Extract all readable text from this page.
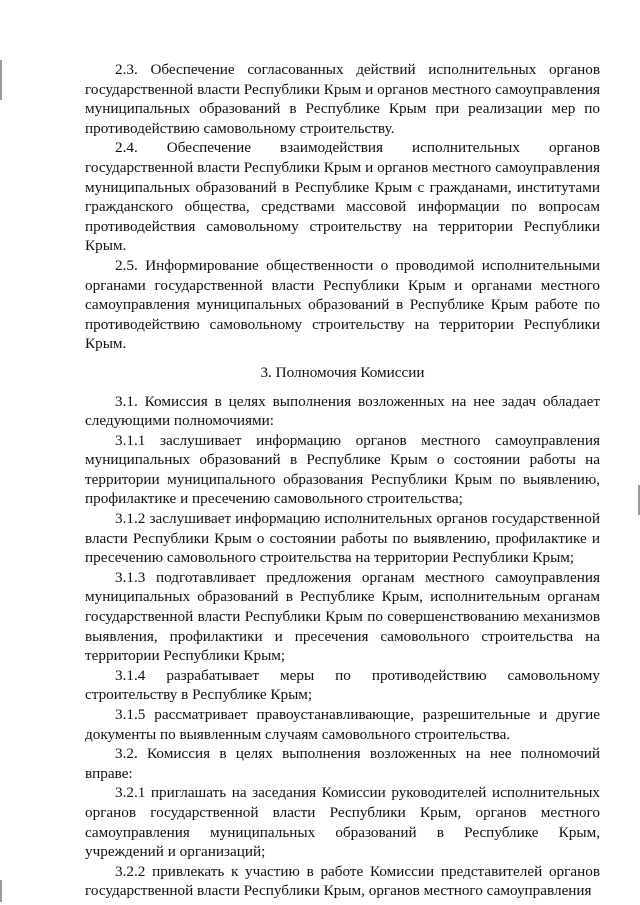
2.3. Обеспечение согласованных действий исполнительных органов государственной власти Республики Крым и органов местного самоуправления муниципальных образований в Республике Крым при реализации мер по противодействию самовольному строительству.

2.4. Обеспечение взаимодействия исполнительных органов государственной власти Республики Крым и органов местного самоуправления муниципальных образований в Республике Крым с гражданами, институтами гражданского общества, средствами массовой информации по вопросам противодействия самовольному строительству на территории Республики Крым.

2.5. Информирование общественности о проводимой исполнительными органами государственной власти Республики Крым и органами местного самоуправления муниципальных образований в Республике Крым работе по противодействию самовольному строительству на территории Республики Крым.

3. Полномочия Комиссии

3.1. Комиссия в целях выполнения возложенных на нее задач обладает следующими полномочиями:

3.1.1 заслушивает информацию органов местного самоуправления муниципальных образований в Республике Крым о состоянии работы на территории муниципального образования Республики Крым по выявлению, профилактике и пресечению самовольного строительства;

3.1.2 заслушивает информацию исполнительных органов государственной власти Республики Крым о состоянии работы по выявлению, профилактике и пресечению самовольного строительства на территории Республики Крым;

3.1.3 подготавливает предложения органам местного самоуправления муниципальных образований в Республике Крым, исполнительным органам государственной власти Республики Крым по совершенствованию механизмов выявления, профилактики и пресечения самовольного строительства на территории Республики Крым;

3.1.4 разрабатывает меры по противодействию самовольному строительству в Республике Крым;

3.1.5 рассматривает правоустанавливающие, разрешительные и другие документы по выявленным случаям самовольного строительства.

3.2. Комиссия в целях выполнения возложенных на нее полномочий вправе:

3.2.1 приглашать на заседания Комиссии руководителей исполнительных органов государственной власти Республики Крым, органов местного самоуправления муниципальных образований в Республике Крым, учреждений и организаций;

3.2.2 привлекать к участию в работе Комиссии представителей органов государственной власти Республики Крым, органов местного самоуправления
